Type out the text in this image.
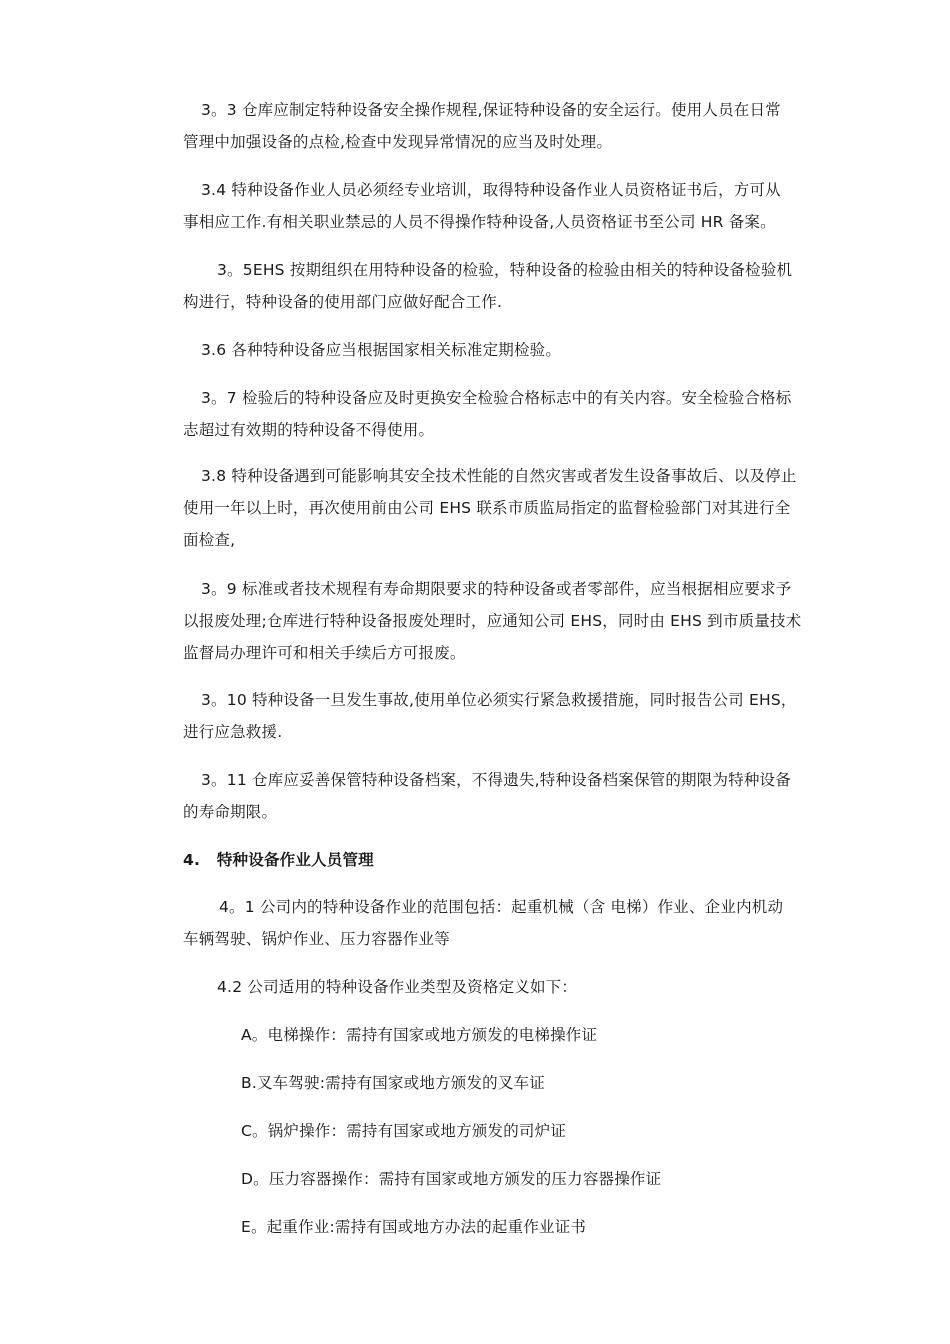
3。3 仓库应制定特种设备安全操作规程,保证特种设备的安全运行。使用人员在日常
管理中加强设备的点检,检查中发现异常情况的应当及时处理。
3.4 特种设备作业人员必须经专业培训，取得特种设备作业人员资格证书后，方可从
事相应工作.有相关职业禁忌的人员不得操作特种设备,人员资格证书至公司 HR 备案。
3。5EHS 按期组织在用特种设备的检验，特种设备的检验由相关的特种设备检验机
构进行，特种设备的使用部门应做好配合工作.
3.6 各种特种设备应当根据国家相关标准定期检验。
3。7 检验后的特种设备应及时更换安全检验合格标志中的有关内容。安全检验合格标
志超过有效期的特种设备不得使用。
3.8 特种设备遇到可能影响其安全技术性能的自然灾害或者发生设备事故后、以及停止
使用一年以上时，再次使用前由公司 EHS 联系市质监局指定的监督检验部门对其进行全
面检查,
3。9 标准或者技术规程有寿命期限要求的特种设备或者零部件，应当根据相应要求予
以报废处理;仓库进行特种设备报废处理时，应通知公司 EHS，同时由 EHS 到市质量技术
监督局办理许可和相关手续后方可报废。
3。10 特种设备一旦发生事故,使用单位必须实行紧急救援措施，同时报告公司 EHS，
进行应急救援.
3。11 仓库应妥善保管特种设备档案，不得遗失,特种设备档案保管的期限为特种设备
的寿命期限。
4.   特种设备作业人员管理
4。1 公司内的特种设备作业的范围包括：起重机械（含 电梯）作业、企业内机动
车辆驾驶、锅炉作业、压力容器作业等
4.2 公司适用的特种设备作业类型及资格定义如下：
A。电梯操作：需持有国家或地方颁发的电梯操作证
B.叉车驾驶:需持有国家或地方颁发的叉车证
C。锅炉操作：需持有国家或地方颁发的司炉证
D。压力容器操作：需持有国家或地方颁发的压力容器操作证
E。起重作业:需持有国或地方办法的起重作业证书
